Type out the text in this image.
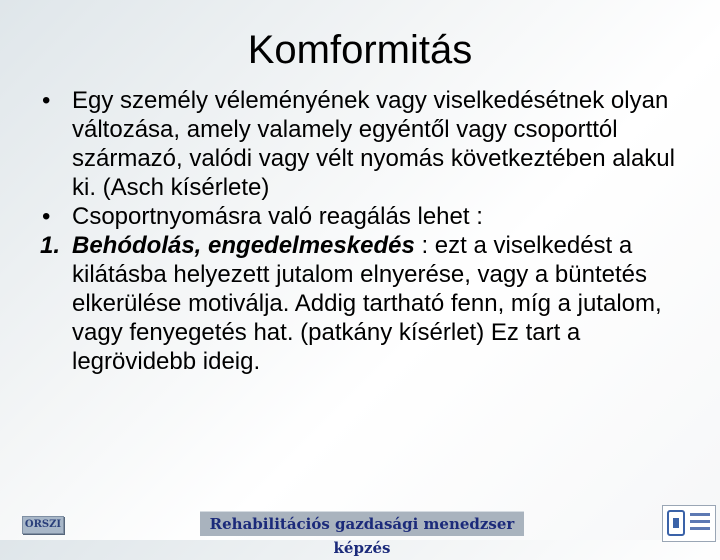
Komformitás
• Egy személy véleményének vagy viselkedésétnek olyan változása, amely valamely egyéntől vagy csoporttól származó, valódi vagy vélt nyomás következtében alakul ki. (Asch kísérlete)
• Csoportnyomásra való reagálás lehet :
1. Behódolás, engedelmeskedés : ezt a viselkedést a kilátásba helyezett jutalom elnyerése, vagy a büntetés elkerülése motiválja. Addig tartható fenn, míg a jutalom, vagy fenyegetés hat. (patkány kísérlet) Ez tart a legrövidebb ideig.
ORSZI	Rehabilitációs gazdasági menedzser képzés
